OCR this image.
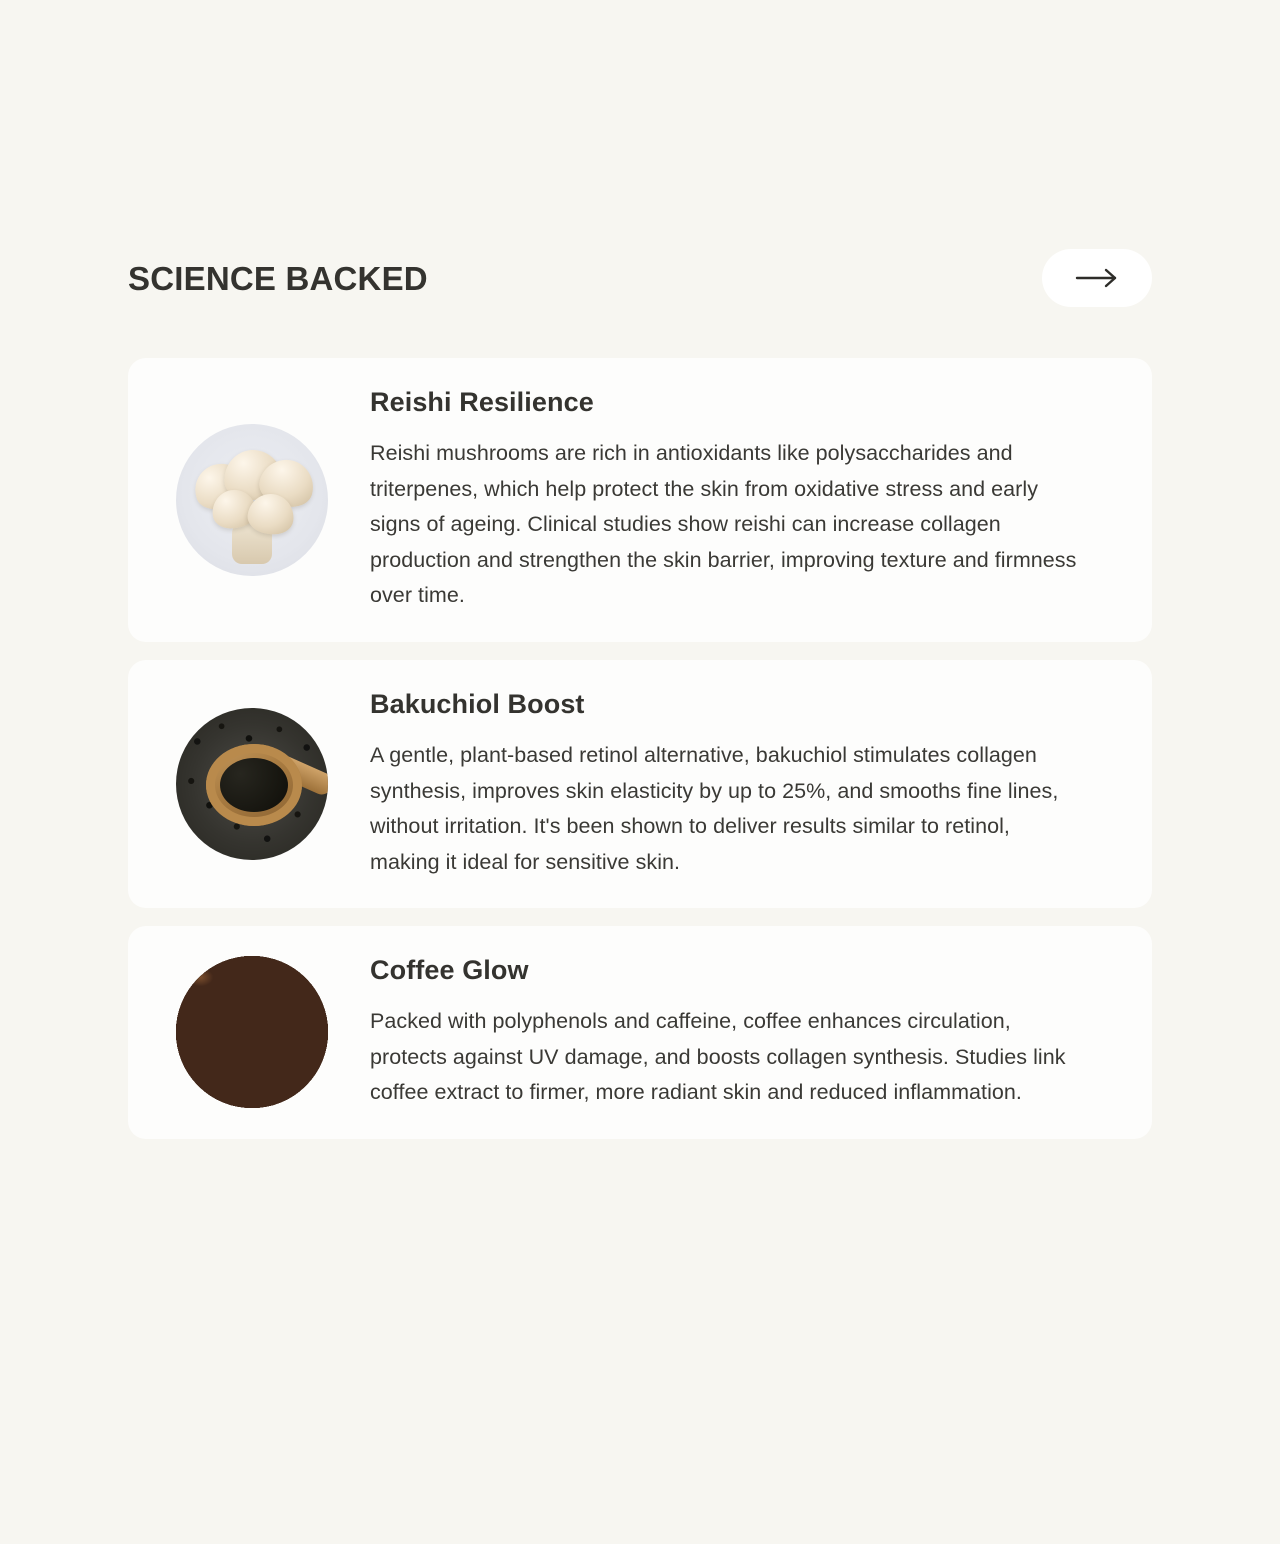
SCIENCE BACKED
Reishi Resilience

Reishi mushrooms are rich in antioxidants like polysaccharides and triterpenes, which help protect the skin from oxidative stress and early signs of ageing. Clinical studies show reishi can increase collagen production and strengthen the skin barrier, improving texture and firmness over time.

Bakuchiol Boost

A gentle, plant-based retinol alternative, bakuchiol stimulates collagen synthesis, improves skin elasticity by up to 25%, and smooths fine lines, without irritation. It's been shown to deliver results similar to retinol, making it ideal for sensitive skin.

Coffee Glow

Packed with polyphenols and caffeine, coffee enhances circulation, protects against UV damage, and boosts collagen synthesis. Studies link coffee extract to firmer, more radiant skin and reduced inflammation.
